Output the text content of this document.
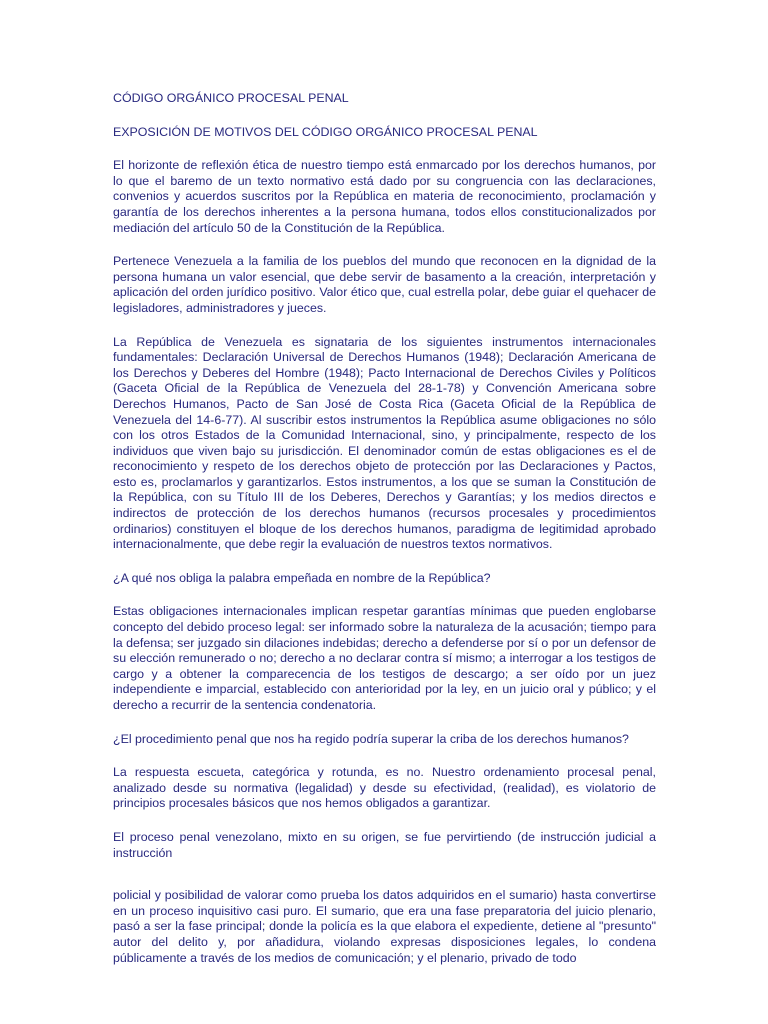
CÓDIGO ORGÁNICO PROCESAL PENAL

EXPOSICIÓN DE MOTIVOS DEL CÓDIGO ORGÁNICO PROCESAL PENAL

El horizonte de reflexión ética de nuestro tiempo está enmarcado por los derechos humanos, por lo que el baremo de un texto normativo está dado por su congruencia con las declaraciones, convenios y acuerdos suscritos por la República en materia de reconocimiento, proclamación y garantía de los derechos inherentes a la persona humana, todos ellos constitucionalizados por mediación del artículo 50 de la Constitución de la República.

Pertenece Venezuela a la familia de los pueblos del mundo que reconocen en la dignidad de la persona humana un valor esencial, que debe servir de basamento a la creación, interpretación y aplicación del orden jurídico positivo. Valor ético que, cual estrella polar, debe guiar el quehacer de legisladores, administradores y jueces.

La República de Venezuela es signataria de los siguientes instrumentos internacionales fundamentales: Declaración Universal de Derechos Humanos (1948); Declaración Americana de los Derechos y Deberes del Hombre (1948); Pacto Internacional de Derechos Civiles y Políticos (Gaceta Oficial de la República de Venezuela del 28-1-78) y Convención Americana sobre Derechos Humanos, Pacto de San José de Costa Rica (Gaceta Oficial de la República de Venezuela del 14-6-77). Al suscribir estos instrumentos la República asume obligaciones no sólo con los otros Estados de la Comunidad Internacional, sino, y principalmente, respecto de los individuos que viven bajo su jurisdicción. El denominador común de estas obligaciones es el de reconocimiento y respeto de los derechos objeto de protección por las Declaraciones y Pactos, esto es, proclamarlos y garantizarlos. Estos instrumentos, a los que se suman la Constitución de la República, con su Título III de los Deberes, Derechos y Garantías; y los medios directos e indirectos de protección de los derechos humanos (recursos procesales y procedimientos ordinarios) constituyen el bloque de los derechos humanos, paradigma de legitimidad aprobado internacionalmente, que debe regir la evaluación de nuestros textos normativos.

¿A qué nos obliga la palabra empeñada en nombre de la República?

Estas obligaciones internacionales implican respetar garantías mínimas que pueden englobarse concepto del debido proceso legal: ser informado sobre la naturaleza de la acusación; tiempo para la defensa; ser juzgado sin dilaciones indebidas; derecho a defenderse por sí o por un defensor de su elección remunerado o no; derecho a no declarar contra sí mismo; a interrogar a los testigos de cargo y a obtener la comparecencia de los testigos de descargo; a ser oído por un juez independiente e imparcial, establecido con anterioridad por la ley, en un juicio oral y público; y el derecho a recurrir de la sentencia condenatoria.

¿El procedimiento penal que nos ha regido podría superar la criba de los derechos humanos?

La respuesta escueta, categórica y rotunda, es no. Nuestro ordenamiento procesal penal, analizado desde su normativa (legalidad) y desde su efectividad, (realidad), es violatorio de principios procesales básicos que nos hemos obligados a garantizar.

El proceso penal venezolano, mixto en su origen, se fue pervirtiendo (de instrucción judicial a instrucción

policial y posibilidad de valorar como prueba los datos adquiridos en el sumario) hasta convertirse en un proceso inquisitivo casi puro. El sumario, que era una fase preparatoria del juicio plenario, pasó a ser la fase principal; donde la policía es la que elabora el expediente, detiene al "presunto" autor del delito y, por añadidura, violando expresas disposiciones legales, lo condena públicamente a través de los medios de comunicación; y el plenario, privado de todo
